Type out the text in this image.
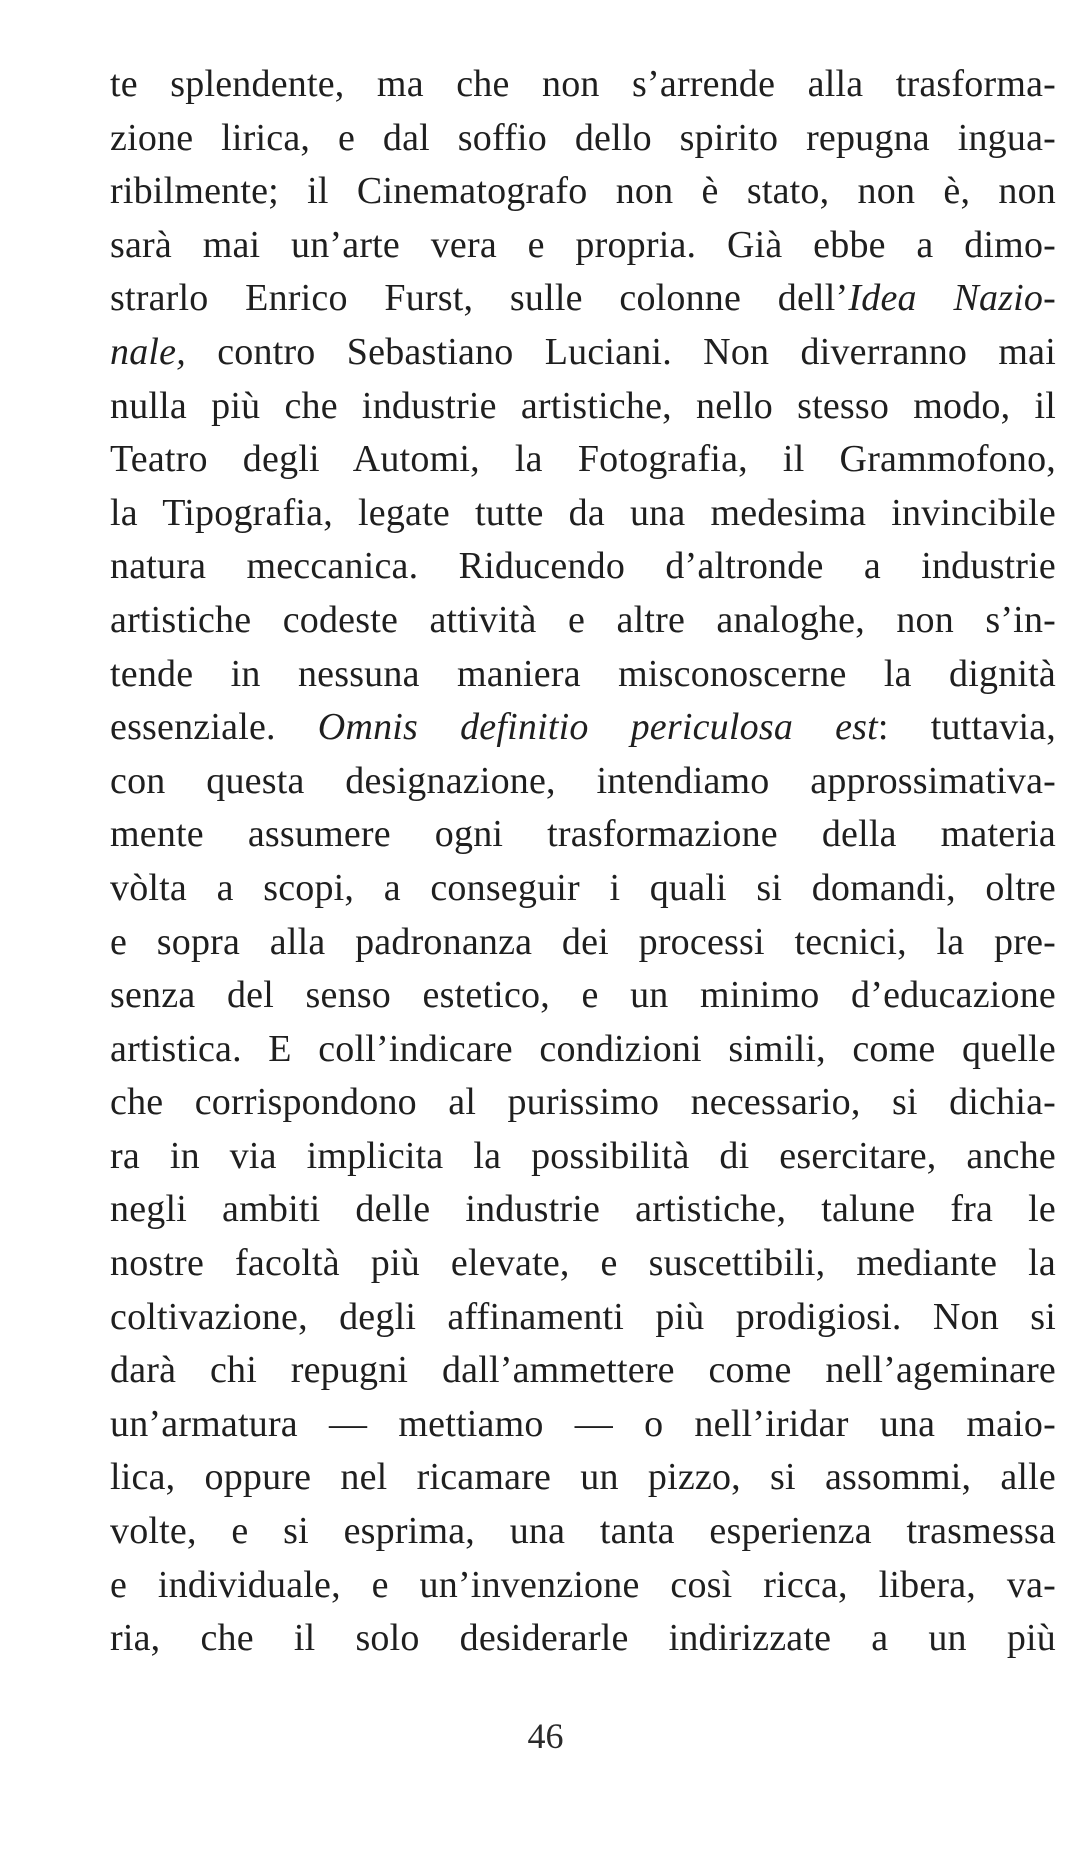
te splendente, ma che non s’arrende alla trasforma-
zione lirica, e dal soffio dello spirito repugna ingua-
ribilmente; il Cinematografo non è stato, non è, non
sarà mai un’arte vera e propria. Già ebbe a dimo-
strarlo Enrico Furst, sulle colonne dell’Idea Nazio-
nale, contro Sebastiano Luciani. Non diverranno mai
nulla più che industrie artistiche, nello stesso modo, il
Teatro degli Automi, la Fotografia, il Grammofono,
la Tipografia, legate tutte da una medesima invincibile
natura meccanica. Riducendo d’altronde a industrie
artistiche codeste attività e altre analoghe, non s’in-
tende in nessuna maniera misconoscerne la dignità
essenziale. Omnis definitio periculosa est: tuttavia,
con questa designazione, intendiamo approssimativa-
mente assumere ogni trasformazione della materia
vòlta a scopi, a conseguir i quali si domandi, oltre
e sopra alla padronanza dei processi tecnici, la pre-
senza del senso estetico, e un minimo d’educazione
artistica. E coll’indicare condizioni simili, come quelle
che corrispondono al purissimo necessario, si dichia-
ra in via implicita la possibilità di esercitare, anche
negli ambiti delle industrie artistiche, talune fra le
nostre facoltà più elevate, e suscettibili, mediante la
coltivazione, degli affinamenti più prodigiosi. Non si
darà chi repugni dall’ammettere come nell’ageminare
un’armatura — mettiamo — o nell’iridar una maio-
lica, oppure nel ricamare un pizzo, si assommi, alle
volte, e si esprima, una tanta esperienza trasmessa
e individuale, e un’invenzione così ricca, libera, va-
ria, che il solo desiderarle indirizzate a un più
46
